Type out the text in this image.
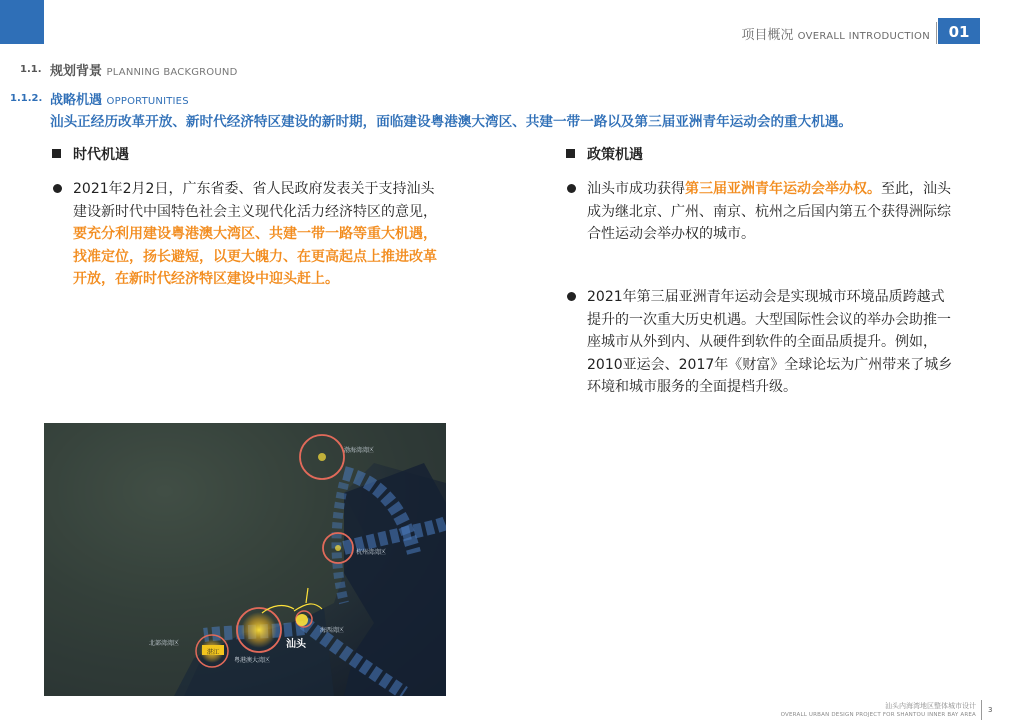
项目概况 OVERALL INTRODUCTION	01
1.1. 规划背景 PLANNING BACKGROUND
1.1.2. 战略机遇 OPPORTUNITIES
汕头正经历改革开放、新时代经济特区建设的新时期，面临建设粤港澳大湾区、共建一带一路以及第三届亚洲青年运动会的重大机遇。
时代机遇
2021年2月2日，广东省委、省人民政府发表关于支持汕头建设新时代中国特色社会主义现代化活力经济特区的意见，要充分利用建设粤港澳大湾区、共建一带一路等重大机遇，找准定位，扬长避短，以更大魄力、在更高起点上推进改革开放，在新时代经济特区建设中迎头赶上。
政策机遇
汕头市成功获得第三届亚洲青年运动会举办权。至此，汕头成为继北京、广州、南京、杭州之后国内第五个获得洲际综合性运动会举办权的城市。
2021年第三届亚洲青年运动会是实现城市环境品质跨越式提升的一次重大历史机遇。大型国际性会议的举办会助推一座城市从外到内、从硬件到软件的全面品质提升。例如，2010亚运会、2017年《财富》全球论坛为广州带来了城乡环境和城市服务的全面提档升级。
渤海湾湾区
杭州湾湾区
海西湾区
粤港澳大湾区
北部湾湾区
湛江
汕头
汕头内海湾地区整体城市设计
OVERALL URBAN DESIGN PROJECT FOR SHANTOU INNER BAY AREA
3
